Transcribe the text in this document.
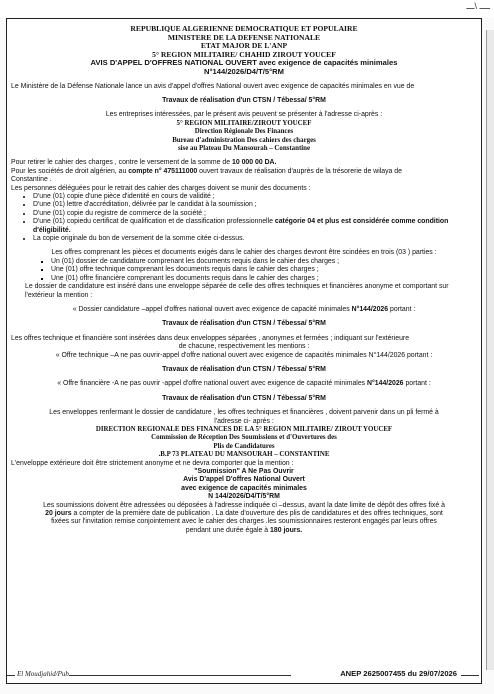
ــــ \ـــ

REPUBLIQUE ALGERIENNE DEMOCRATIQUE ET POPULAIRE

MINISTERE DE LA DEFENSE NATIONALE

ETAT MAJOR DE L'ANP

5° REGION MILITAIRE/ CHAHID ZIROUT YOUCEF

AVIS D'APPEL D'OFFRES NATIONAL OUVERT avec exigence de capacités minimales

N°144/2026/D4/T/5°RM

Le Ministère de la Défense Nationale lance un avis d'appel d'offres National ouvert avec exigence de capacités minimales en vue de

Travaux de réalisation d'un CTSN / Tébessa/ 5°RM

Les entreprises intéressées, par le présent avis peuvent se présenter à l'adresse ci-après :

5° REGION MILITAIRE/ZIROUT YOUCEF

Direction Régionale Des Finances

Bureau d'administration Des cahiers des charges

sise au Plateau Du Mansourah – Constantine

Pour retirer le cahier des charges , contre le versement de la somme de 10 000 00 DA.

Pour les sociétés de droit algérien, au compte n° 475111000 ouvert travaux de réalisation d'auprès de la trésorerie de wilaya de

Constantine .

Les personnes déléguées pour le retrait des cahier des charges doivent se munir des documents :

• D'une (01) copie d'une pièce d'identité en cours de validité ;
• D'une (01) lettre d'accréditation, délivrée par le candidat à la soumission ;
• D'une (01) copie du registre de commerce de la société ;
• D'une (01) copiedu certificat de qualification et de classification professionnelle catégorie 04 et plus est considérée comme condition d'éligibilité.
• La copie originale du bon de versement de la somme citée ci-dessus.

Les offres comprenant les pièces et documents exigés dans le cahier des charges devront être scindées en trois (03 ) parties :

▪ Un (01) dossier de candidature comprenant les documents requis dans le cahier des charges ;
▪ Une (01) offre technique comprenant les documents requis dans le cahier des charges ;
▪ Une (01) offre financière comprenant les documents requis dans le cahier des charges ;

Le dossier de candidature est inséré dans une enveloppe séparée de celle des offres techniques et financières anonyme et comportant sur l'extérieur la mention :

« Dossier candidature –appel d'offres national ouvert avec exigence de capacité minimales N°144/2026 portant :

Travaux de réalisation d'un CTSN / Tébessa/ 5°RM

Les offres technique et financière sont insérées dans deux enveloppes séparées , anonymes et fermées ; indiquant sur l'extérieure

de chacune, respectivement les mentions :

« Offre technique –A ne pas ouvrir-appel d'offre national ouvert avec exigence de capacités minimales N°144/2026 portant :

Travaux de réalisation d'un CTSN / Tébessa/ 5°RM

« Offre financière -A ne pas ouvrir -appel d'offre national ouvert avec exigence de capacité minimales N°144/2026 portant :

Travaux de réalisation d'un CTSN / Tébessa/ 5°RM

Les enveloppes renfermant le dossier de candidature , les offres techniques et financières , doivent parvenir dans un pli fermé à

l'adresse ci- après :

DIRECTION REGIONALE DES FINANCES DE LA 5° REGION MILITAIRE/ ZIROUT YOUCEF

Commission de Réception Des Soumissions et d'Ouvertures des

Plis de Candidatures

.B.P 73 PLATEAU DU MANSOURAH – CONSTANTINE

L'enveloppe extérieure doit être strictement anonyme et ne devra comporter que la mention :

"Soumission" A Ne Pas Ouvrir

Avis D'appel D'offres National Ouvert

avec exigence de capacités minimales

N 144/2026/D4/T/5°RM

Les soumissions doivent être adressées ou déposées à l'adresse indiquée ci –dessus, avant la date limite de dépôt des offres fixé à

20 jours a compter de la première date de publication . La date d'ouverture des plis de candidatures et des offres techniques, sont

fixées sur l'invitation remise conjointement avec le cahier des charges .les soumissionnaires resteront engagés par leurs offres

pendant une durée égale à 180 jours.

El Moudjahid/Pub	ANEP 2625007455 du 29/07/2026
